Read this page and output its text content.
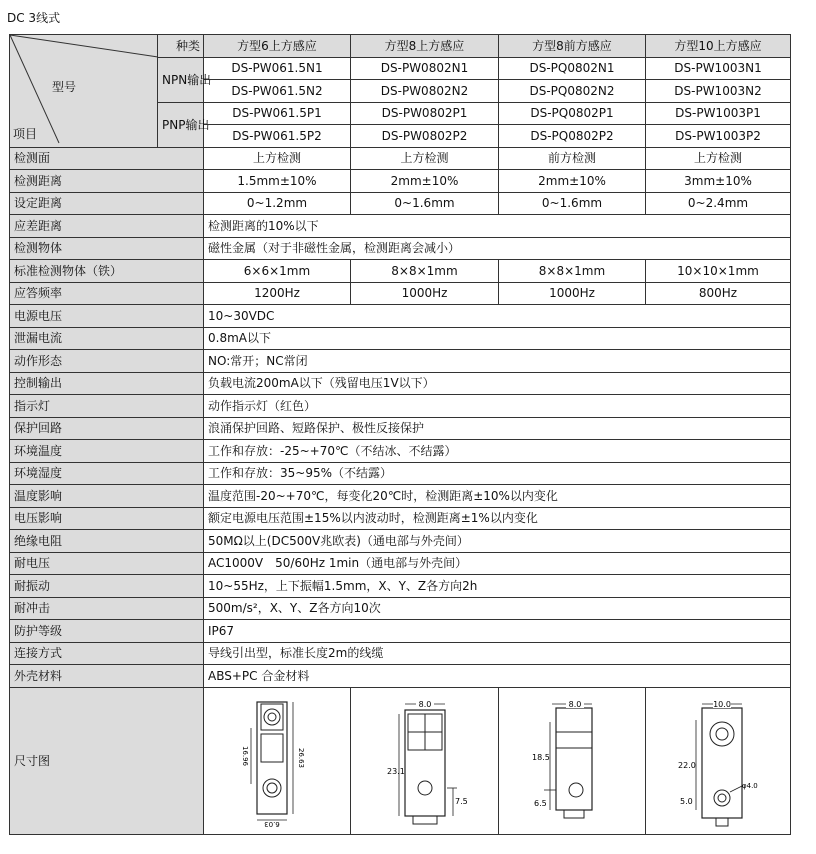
DC 3线式
型号
项目	种类	方型6上方感应	方型8上方感应	方型8前方感应	方型10上方感应
	NPN输出	DS-PW061.5N1	DS-PW0802N1	DS-PQ0802N1	DS-PW1003N1
		DS-PW061.5N2	DS-PW0802N2	DS-PQ0802N2	DS-PW1003N2
	PNP输出	DS-PW061.5P1	DS-PW0802P1	DS-PQ0802P1	DS-PW1003P1
		DS-PW061.5P2	DS-PW0802P2	DS-PQ0802P2	DS-PW1003P2
检测面		上方检测	上方检测	前方检测	上方检测
检测距离		1.5mm±10%	2mm±10%	2mm±10%	3mm±10%
设定距离		0~1.2mm	0~1.6mm	0~1.6mm	0~2.4mm
应差距离		检测距离的10%以下			
检测物体		磁性金属（对于非磁性金属，检测距离会减小）			
标准检测物体（铁）		6×6×1mm	8×8×1mm	8×8×1mm	10×10×1mm
应答频率		1200Hz	1000Hz	1000Hz	800Hz
电源电压		10~30VDC			
泄漏电流		0.8mA以下			
动作形态		NO:常开；NC常闭			
控制输出		负载电流200mA以下（残留电压1V以下）			
指示灯		动作指示灯（红色）			
保护回路		浪涌保护回路、短路保护、极性反接保护			
环境温度		工作和存放：-25~+70℃（不结冰、不结露）			
环境湿度		工作和存放：35~95%（不结露）			
温度影响		温度范围-20~+70℃，每变化20℃时，检测距离±10%以内变化			
电压影响		额定电源电压范围±15%以内波动时，检测距离±1%以内变化			
绝缘电阻		50MΩ以上(DC500V兆欧表)（通电部与外壳间）			
耐电压		AC1000V　50/60Hz 1min（通电部与外壳间）			
耐振动		10~55Hz，上下振幅1.5mm，X、Y、Z各方向2h			
耐冲击		500m/s²，X、Y、Z各方向10次			
防护等级		IP67			
连接方式		导线引出型，标准长度2m的线缆			
外壳材料		ABS+PC 合金材料			
尺寸图		16.96 26.63
6.03	8.0
23.1
7.5	8.0
18.5
6.5	10.0
22.0
5.0
φ4.0
